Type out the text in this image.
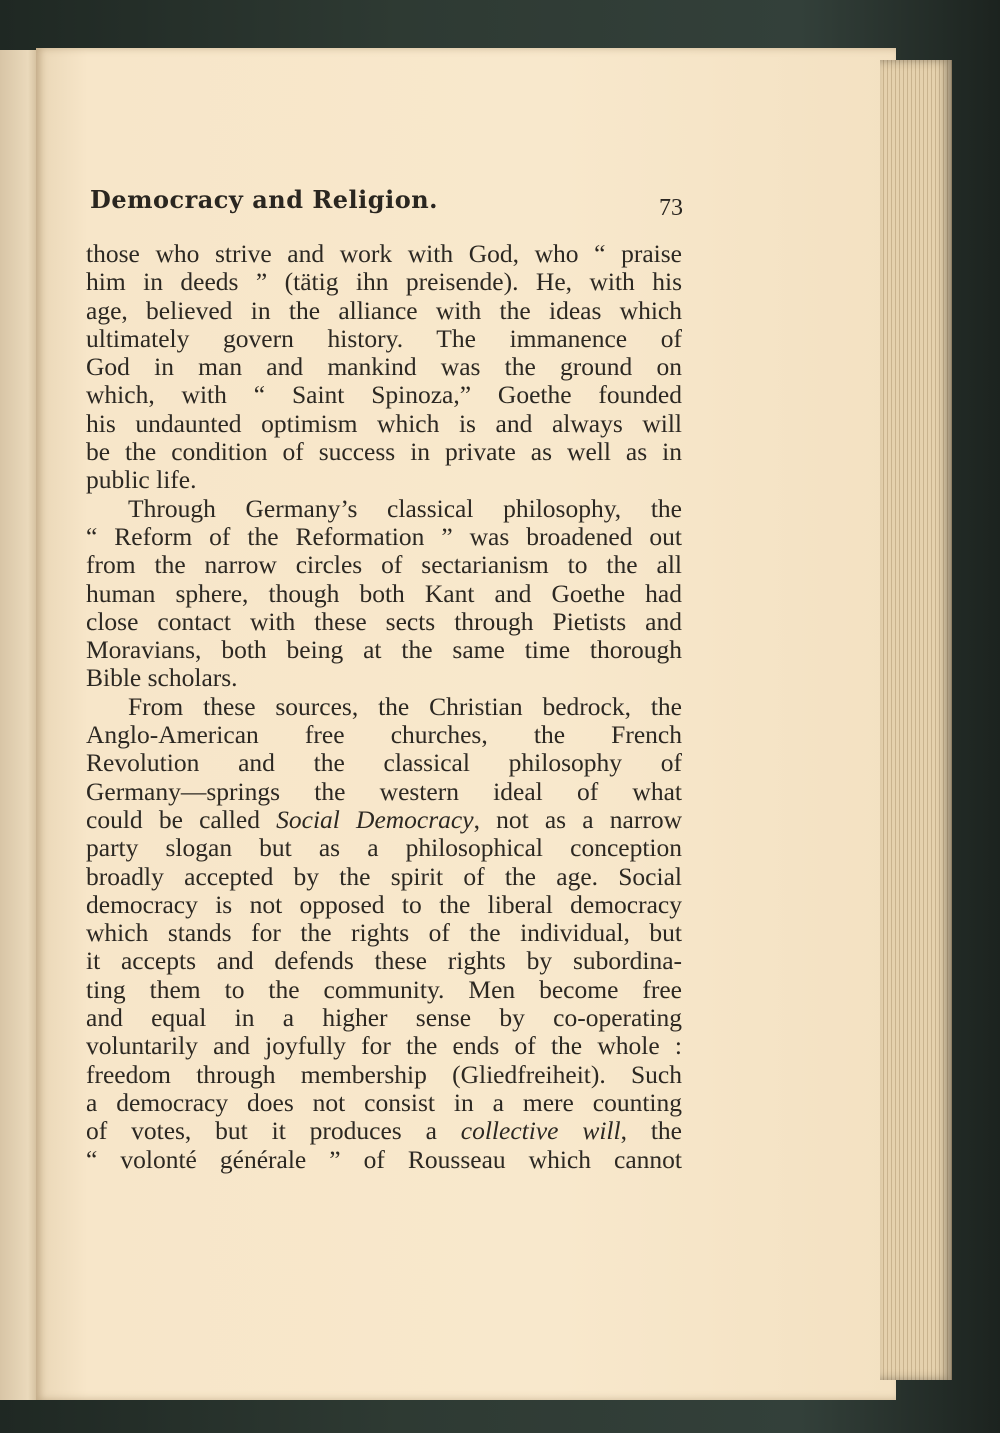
Democracy and Religion.	73
those who strive and work with God, who “ praise
him in deeds ” (tätig ihn preisende). He, with his
age, believed in the alliance with the ideas which
ultimately govern history. The immanence of
God in man and mankind was the ground on
which, with “ Saint Spinoza,” Goethe founded
his undaunted optimism which is and always will
be the condition of success in private as well as in
public life.
Through Germany’s classical philosophy, the
“ Reform of the Reformation ” was broadened out
from the narrow circles of sectarianism to the all
human sphere, though both Kant and Goethe had
close contact with these sects through Pietists and
Moravians, both being at the same time thorough
Bible scholars.
From these sources, the Christian bedrock, the
Anglo-American free churches, the French
Revolution and the classical philosophy of
Germany—springs the western ideal of what
could be called Social Democracy, not as a narrow
party slogan but as a philosophical conception
broadly accepted by the spirit of the age. Social
democracy is not opposed to the liberal democracy
which stands for the rights of the individual, but
it accepts and defends these rights by subordina-
ting them to the community. Men become free
and equal in a higher sense by co-operating
voluntarily and joyfully for the ends of the whole :
freedom through membership (Gliedfreiheit). Such
a democracy does not consist in a mere counting
of votes, but it produces a collective will, the
“ volonté générale ” of Rousseau which cannot
